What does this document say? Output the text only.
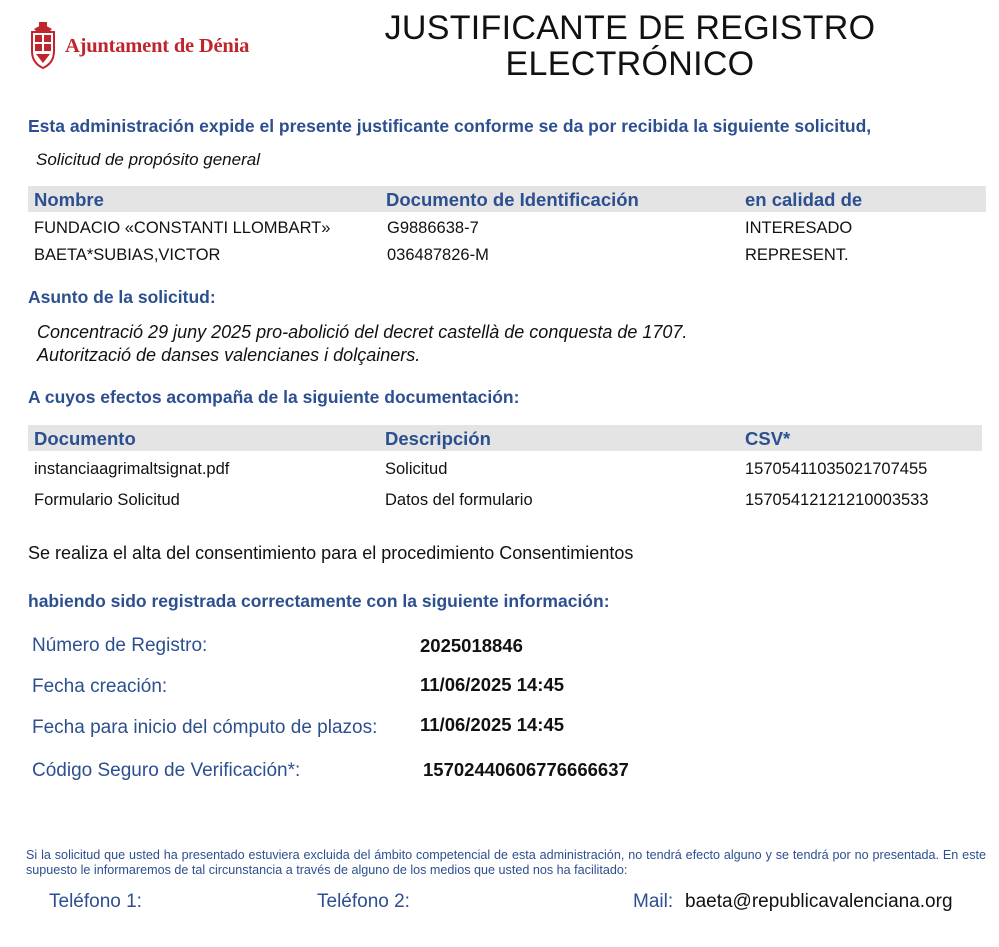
Ajuntament de Dénia	JUSTIFICANTE DE REGISTRO
ELECTRÓNICO
Esta administración expide el presente justificante conforme se da por recibida la siguiente solicitud,
Solicitud de propósito general
Nombre	Documento de Identificación	en calidad de
FUNDACIO «CONSTANTI LLOMBART»	G9886638-7	INTERESADO
BAETA*SUBIAS,VICTOR	036487826-M	REPRESENT.
Asunto de la solicitud:
Concentració 29 juny 2025 pro-abolició del decret castellà de conquesta de 1707.
Autorització de danses valencianes i dolçainers.
A cuyos efectos acompaña de la siguiente documentación:
Documento	Descripción	CSV*
instanciaagrimaltsignat.pdf	Solicitud	15705411035021707455
Formulario Solicitud	Datos del formulario	15705412121210003533
Se realiza el alta del consentimiento para el procedimiento Consentimientos
habiendo sido registrada correctamente con la siguiente información:
Número de Registro:	2025018846
Fecha creación:	11/06/2025 14:45
Fecha para inicio del cómputo de plazos: 11/06/2025 14:45
Código Seguro de Verificación*:	15702440606776666637
Si la solicitud que usted ha presentado estuviera excluida del ámbito competencial de esta administración, no tendrá efecto alguno y se tendrá por no presentada. En este supuesto le informaremos de tal circunstancia a través de alguno de los medios que usted nos ha facilitado:
Teléfono 1:	Teléfono 2:	Mail: baeta@republicavalenciana.org
